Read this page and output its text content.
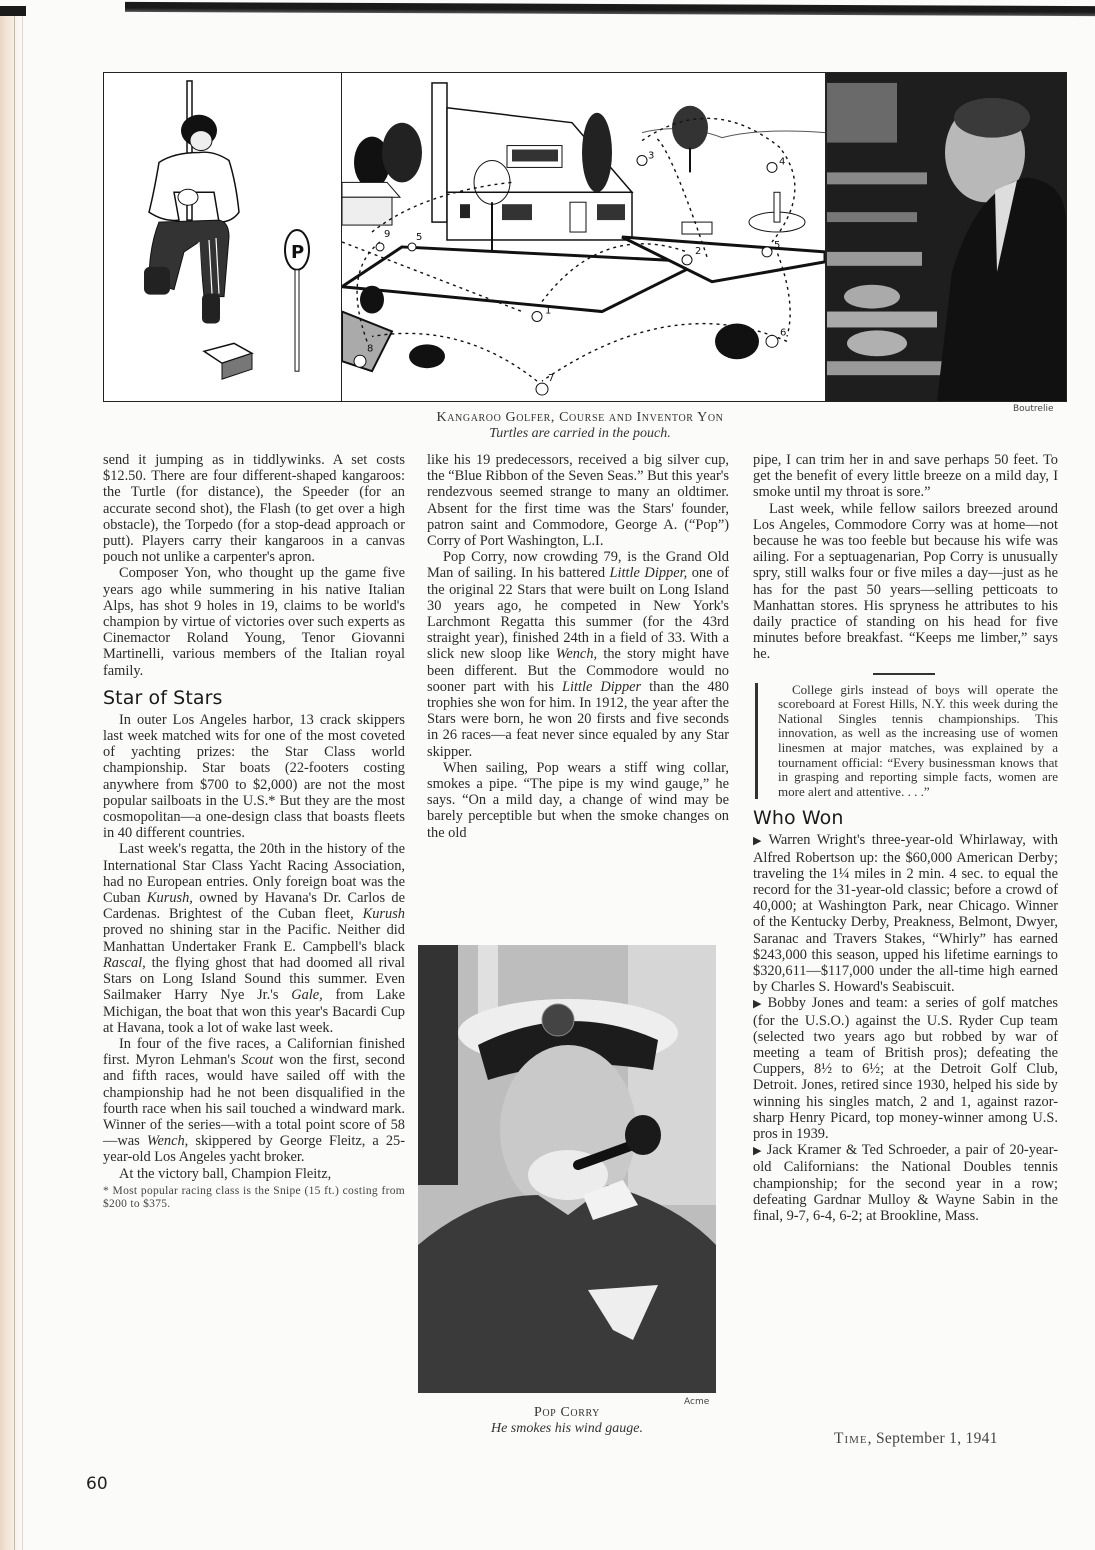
P
1
2
3
4
5
6
7
8
9	5
Boutrelie
Kangaroo Golfer, Course and Inventor Yon
Turtles are carried in the pouch.

send it jumping as in tiddlywinks. A set costs $12.50. There are four different-shaped kangaroos: the Turtle (for distance), the Speeder (for an accurate second shot), the Flash (to get over a high obstacle), the Torpedo (for a stop-dead approach or putt). Players carry their kangaroos in a canvas pouch not unlike a carpenter's apron.

Composer Yon, who thought up the game five years ago while summering in his native Italian Alps, has shot 9 holes in 19, claims to be world's champion by virtue of victories over such experts as Cinemactor Roland Young, Tenor Giovanni Martinelli, various members of the Italian royal family.

Star of Stars

In outer Los Angeles harbor, 13 crack skippers last week matched wits for one of the most coveted of yachting prizes: the Star Class world championship. Star boats (22-footers costing anywhere from $700 to $2,000) are not the most popular sailboats in the U.S.* But they are the most cosmopolitan—a one-design class that boasts fleets in 40 different countries.

Last week's regatta, the 20th in the history of the International Star Class Yacht Racing Association, had no European entries. Only foreign boat was the Cuban Kurush, owned by Havana's Dr. Carlos de Cardenas. Brightest of the Cuban fleet, Kurush proved no shining star in the Pacific. Neither did Manhattan Undertaker Frank E. Campbell's black Rascal, the flying ghost that had doomed all rival Stars on Long Island Sound this summer. Even Sailmaker Harry Nye Jr.'s Gale, from Lake Michigan, the boat that won this year's Bacardi Cup at Havana, took a lot of wake last week.

In four of the five races, a Californian finished first. Myron Lehman's Scout won the first, second and fifth races, would have sailed off with the championship had he not been disqualified in the fourth race when his sail touched a windward mark. Winner of the series—with a total point score of 58—was Wench, skippered by George Fleitz, a 25-year-old Los Angeles yacht broker.

At the victory ball, Champion Fleitz,

* Most popular racing class is the Snipe (15 ft.) costing from $200 to $375.

like his 19 predecessors, received a big silver cup, the “Blue Ribbon of the Seven Seas.” But this year's rendezvous seemed strange to many an oldtimer. Absent for the first time was the Stars' founder, patron saint and Commodore, George A. (“Pop”) Corry of Port Washington, L.I.

Pop Corry, now crowding 79, is the Grand Old Man of sailing. In his battered Little Dipper, one of the original 22 Stars that were built on Long Island 30 years ago, he competed in New York's Larchmont Regatta this summer (for the 43rd straight year), finished 24th in a field of 33. With a slick new sloop like Wench, the story might have been different. But the Commodore would no sooner part with his Little Dipper than the 480 trophies she won for him. In 1912, the year after the Stars were born, he won 20 firsts and five seconds in 26 races—a feat never since equaled by any Star skipper.

When sailing, Pop wears a stiff wing collar, smokes a pipe. “The pipe is my wind gauge,” he says. “On a mild day, a change of wind may be barely perceptible but when the smoke changes on the old

Acme
Pop Corry
He smokes his wind gauge.

pipe, I can trim her in and save perhaps 50 feet. To get the benefit of every little breeze on a mild day, I smoke until my throat is sore.”

Last week, while fellow sailors breezed around Los Angeles, Commodore Corry was at home—not because he was too feeble but because his wife was ailing. For a septuagenarian, Pop Corry is unusually spry, still walks four or five miles a day—just as he has for the past 50 years—selling petticoats to Manhattan stores. His spryness he attributes to his daily practice of standing on his head for five minutes before breakfast. “Keeps me limber,” says he.

College girls instead of boys will operate the scoreboard at Forest Hills, N.Y. this week during the National Singles tennis championships. This innovation, as well as the increasing use of women linesmen at major matches, was explained by a tournament official: “Every businessman knows that in grasping and reporting simple facts, women are more alert and attentive. . . .”

Who Won

▶ Warren Wright's three-year-old Whirlaway, with Alfred Robertson up: the $60,000 American Derby; traveling the 1¼ miles in 2 min. 4 sec. to equal the record for the 31-year-old classic; before a crowd of 40,000; at Washington Park, near Chicago. Winner of the Kentucky Derby, Preakness, Belmont, Dwyer, Saranac and Travers Stakes, “Whirly” has earned $243,000 this season, upped his lifetime earnings to $320,611—$117,000 under the all-time high earned by Charles S. Howard's Seabiscuit.

▶ Bobby Jones and team: a series of golf matches (for the U.S.O.) against the U.S. Ryder Cup team (selected two years ago but robbed by war of meeting a team of British pros); defeating the Cuppers, 8½ to 6½; at the Detroit Golf Club, Detroit. Jones, retired since 1930, helped his side by winning his singles match, 2 and 1, against razor-sharp Henry Picard, top money-winner among U.S. pros in 1939.

▶ Jack Kramer & Ted Schroeder, a pair of 20-year-old Californians: the National Doubles tennis championship; for the second year in a row; defeating Gardnar Mulloy & Wayne Sabin in the final, 9-7, 6-4, 6-2; at Brookline, Mass.

60
Time, September 1, 1941
